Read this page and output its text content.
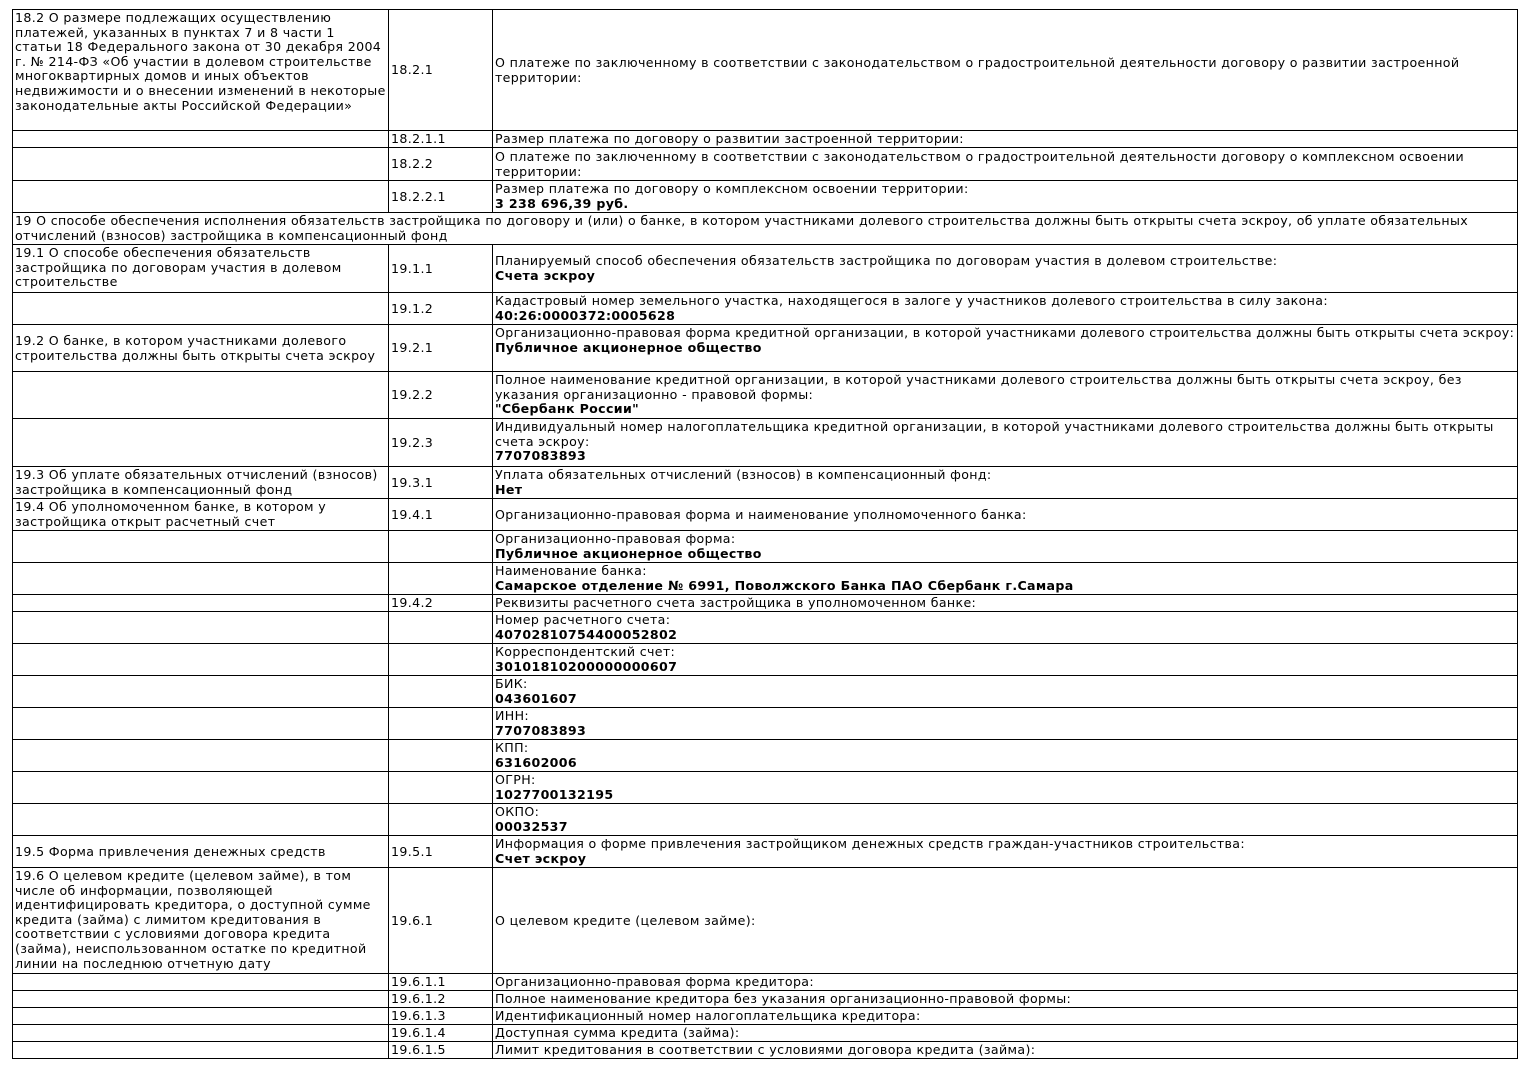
18.2 О размере подлежащих осуществлению платежей, указанных в пунктах 7 и 8 части 1 статьи 18 Федерального закона от 30 декабря 2004 г. № 214-ФЗ «Об участии в долевом строительстве многоквартирных домов и иных объектов недвижимости и о внесении изменений в некоторые законодательные акты Российской Федерации»	18.2.1	О платеже по заключенному в соответствии с законодательством о градостроительной деятельности договору о развитии застроенной территории:

	18.2.1.1	Размер платежа по договору о развитии застроенной территории:

	18.2.2	О платеже по заключенному в соответствии с законодательством о градостроительной деятельности договору о комплексном освоении территории:

	18.2.2.1	Размер платежа по договору о комплексном освоении территории:
3 238 696,39 руб.

19 О способе обеспечения исполнения обязательств застройщика по договору и (или) о банке, в котором участниками долевого строительства должны быть открыты счета эскроу, об уплате обязательных отчислений (взносов) застройщика в компенсационный фонд		
19.1 О способе обеспечения обязательств застройщика по договорам участия в долевом строительстве	19.1.1	Планируемый способ обеспечения обязательств застройщика по договорам участия в долевом строительстве:
Счета эскроу

	19.1.2	Кадастровый номер земельного участка, находящегося в залоге у участников долевого строительства в силу закона:
40:26:0000372:0005628

19.2 О банке, в котором участниками долевого строительства должны быть открыты счета эскроу	19.2.1	Организационно-правовая форма кредитной организации, в которой участниками долевого строительства должны быть открыты счета эскроу:
Публичное акционерное общество

	19.2.2	Полное наименование кредитной организации, в которой участниками долевого строительства должны быть открыты счета эскроу, без указания организационно - правовой формы:
"Сбербанк России"

	19.2.3	Индивидуальный номер налогоплательщика кредитной организации, в которой участниками долевого строительства должны быть открыты счета эскроу:
7707083893

19.3 Об уплате обязательных отчислений (взносов) застройщика в компенсационный фонд	19.3.1	Уплата обязательных отчислений (взносов) в компенсационный фонд:
Нет

19.4 Об уполномоченном банке, в котором у застройщика открыт расчетный счет	19.4.1	Организационно-правовая форма и наименование уполномоченного банка:

		Организационно-правовая форма:
Публичное акционерное общество

		Наименование банка:
Самарское отделение № 6991, Поволжского Банка ПАО Сбербанк г.Самара

	19.4.2	Реквизиты расчетного счета застройщика в уполномоченном банке:

		Номер расчетного счета:
40702810754400052802

		Корреспондентский счет:
30101810200000000607

		БИК:
043601607

		ИНН:
7707083893

		КПП:
631602006

		ОГРН:
1027700132195

		ОКПО:
00032537

19.5 Форма привлечения денежных средств	19.5.1	Информация о форме привлечения застройщиком денежных средств граждан-участников строительства:
Счет эскроу

19.6 О целевом кредите (целевом займе), в том числе об информации, позволяющей идентифицировать кредитора, о доступной сумме кредита (займа) с лимитом кредитования в соответствии с условиями договора кредита (займа), неиспользованном остатке по кредитной линии на последнюю отчетную дату	19.6.1	О целевом кредите (целевом займе):

	19.6.1.1	Организационно-правовая форма кредитора:

	19.6.1.2	Полное наименование кредитора без указания организационно-правовой формы:

	19.6.1.3	Идентификационный номер налогоплательщика кредитора:

	19.6.1.4	Доступная сумма кредита (займа):

	19.6.1.5	Лимит кредитования в соответствии с условиями договора кредита (займа):
